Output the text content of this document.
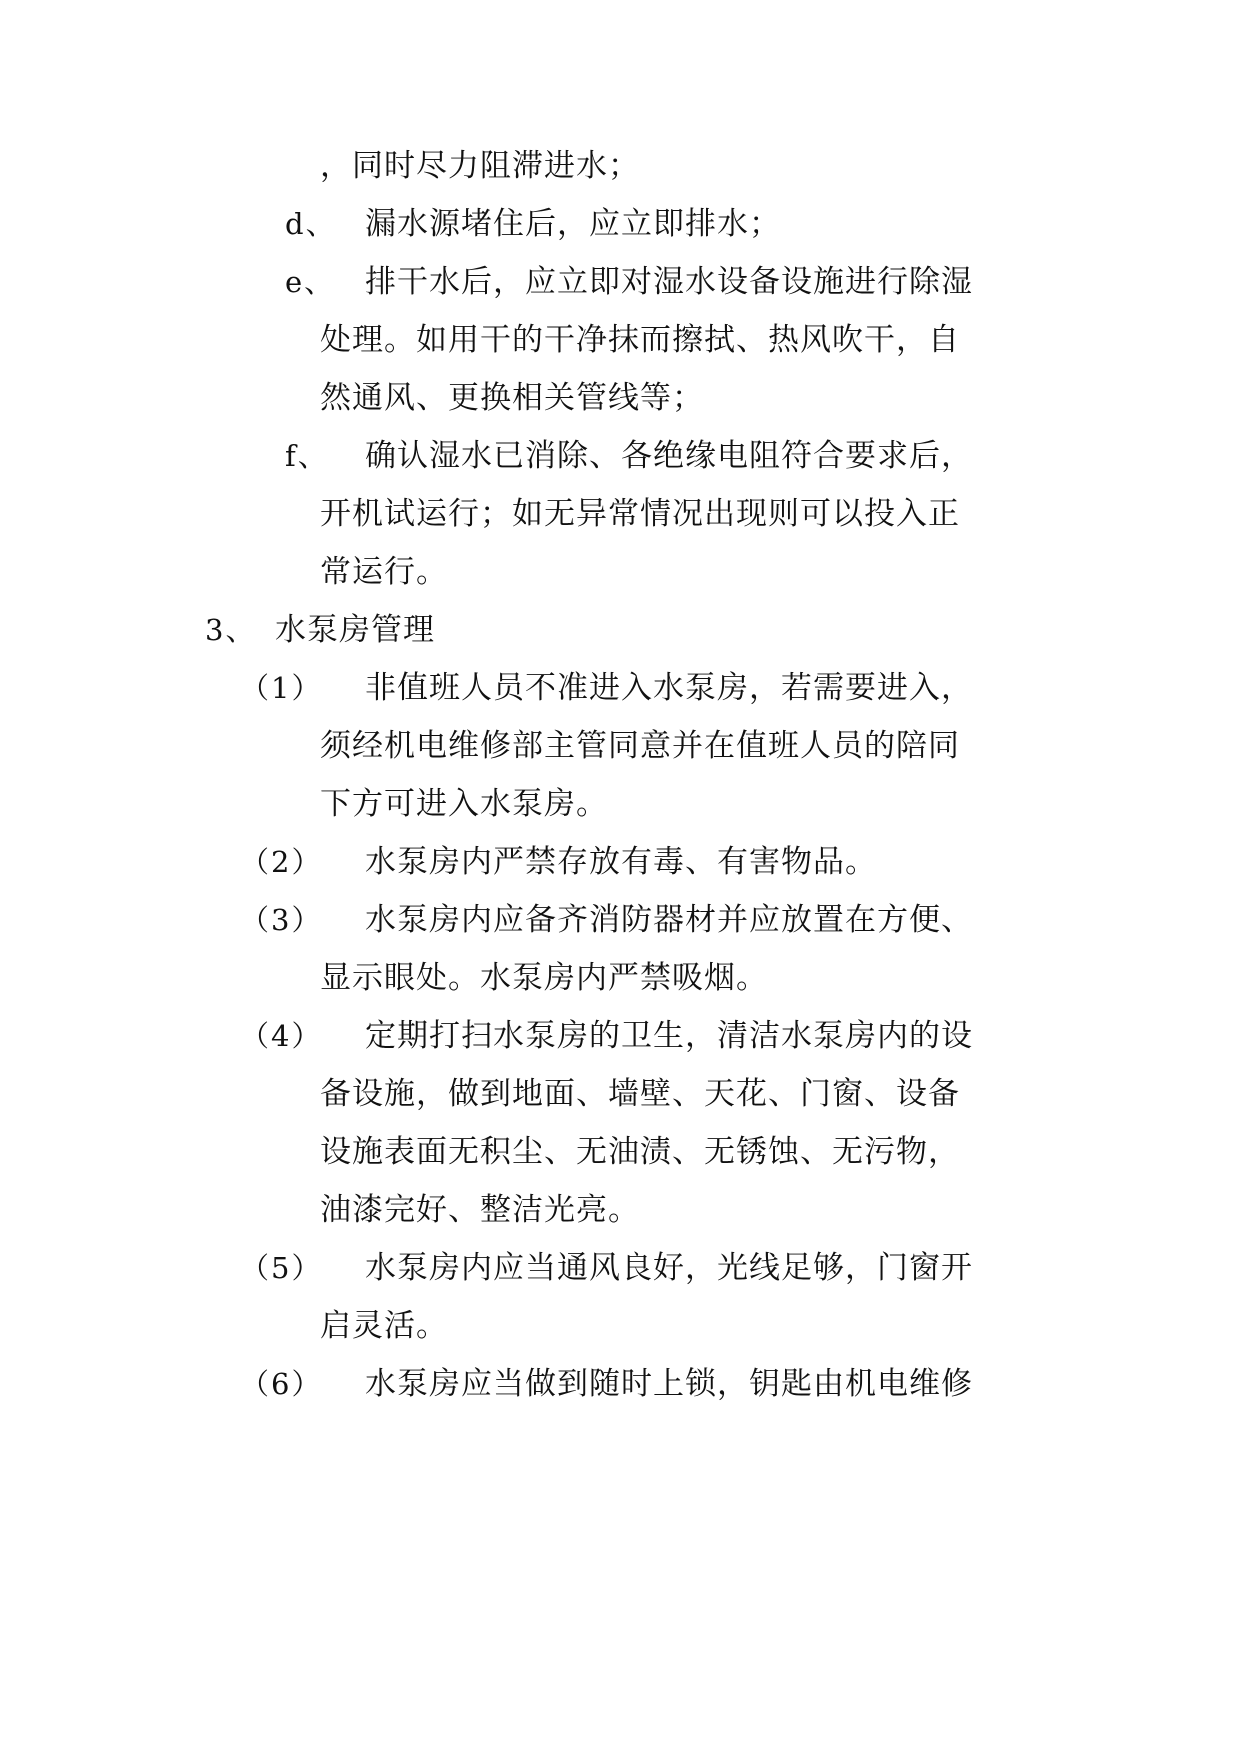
，同时尽力阻滞进水；
d、 漏水源堵住后，应立即排水；
e、 排干水后，应立即对湿水设备设施进行除湿
处理。如用干的干净抹而擦拭、热风吹干，自
然通风、更换相关管线等；
f、 确认湿水已消除、各绝缘电阻符合要求后，
开机试运行；如无异常情况出现则可以投入正
常运行。
3、 水泵房管理
（1） 非值班人员不准进入水泵房，若需要进入，
须经机电维修部主管同意并在值班人员的陪同
下方可进入水泵房。
（2） 水泵房内严禁存放有毒、有害物品。
（3） 水泵房内应备齐消防器材并应放置在方便、
显示眼处。水泵房内严禁吸烟。
（4） 定期打扫水泵房的卫生，清洁水泵房内的设
备设施，做到地面、墙壁、天花、门窗、设备
设施表面无积尘、无油渍、无锈蚀、无污物，
油漆完好、整洁光亮。
（5） 水泵房内应当通风良好，光线足够，门窗开
启灵活。
（6） 水泵房应当做到随时上锁，钥匙由机电维修
